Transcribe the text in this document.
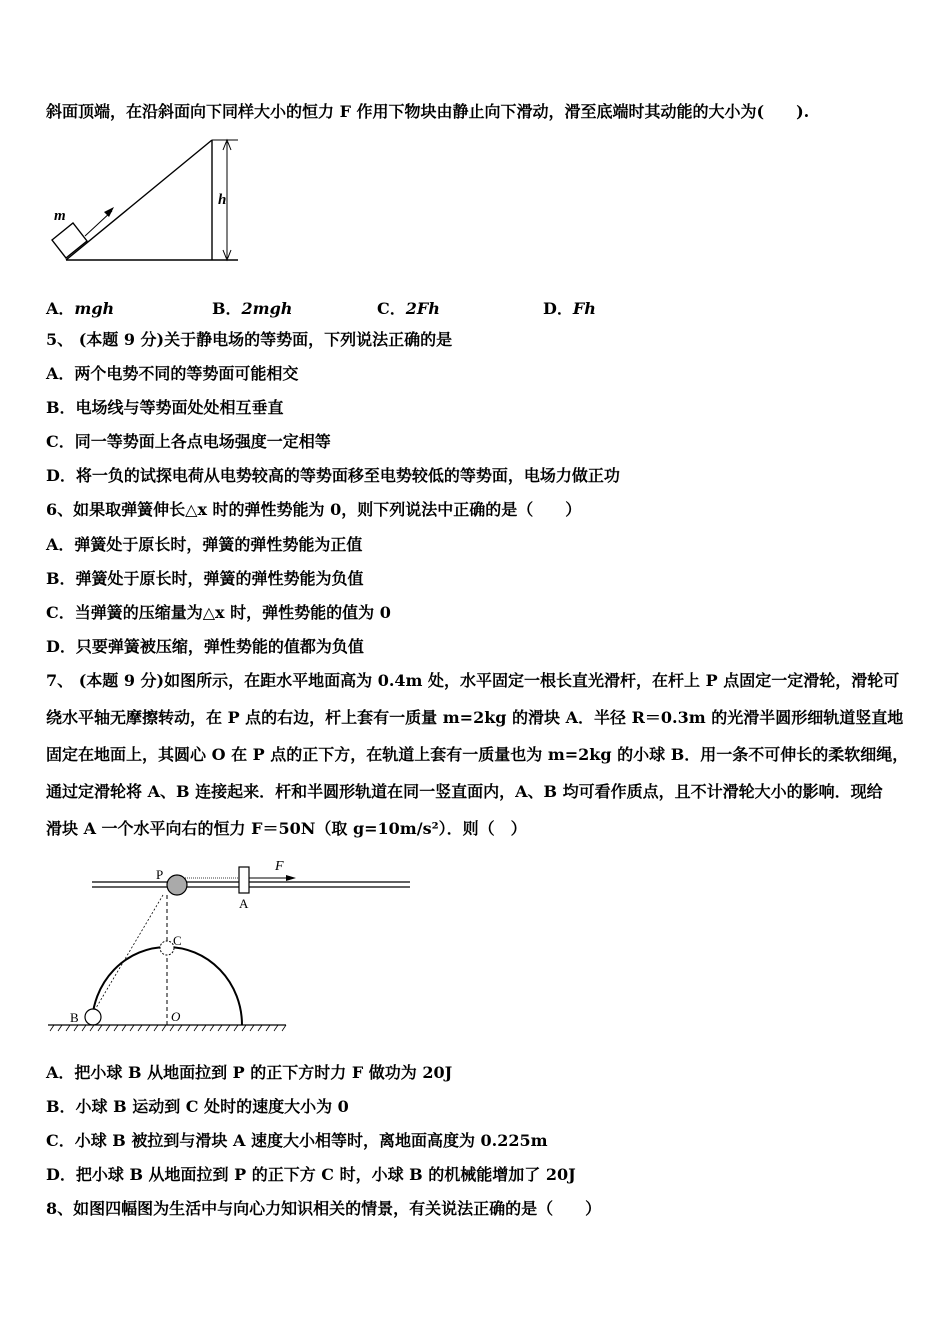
斜面顶端，在沿斜面向下同样大小的恒力 F 作用下物块由静止向下滑动，滑至底端时其动能的大小为(　　).
m
h
A．mgh	B．2mgh	C．2Fh	D．Fh
5、 (本题 9 分)关于静电场的等势面，下列说法正确的是
A．两个电势不同的等势面可能相交
B．电场线与等势面处处相互垂直
C．同一等势面上各点电场强度一定相等
D．将一负的试探电荷从电势较高的等势面移至电势较低的等势面，电场力做正功
6、如果取弹簧伸长△x 时的弹性势能为 0，则下列说法中正确的是（　　）
A．弹簧处于原长时，弹簧的弹性势能为正值
B．弹簧处于原长时，弹簧的弹性势能为负值
C．当弹簧的压缩量为△x 时，弹性势能的值为 0
D．只要弹簧被压缩，弹性势能的值都为负值
7、 (本题 9 分)如图所示，在距水平地面高为 0.4m 处，水平固定一根长直光滑杆，在杆上 P 点固定一定滑轮，滑轮可
绕水平轴无摩擦转动，在 P 点的右边，杆上套有一质量 m=2kg 的滑块 A．半径 R＝0.3m 的光滑半圆形细轨道竖直地
固定在地面上，其圆心 O 在 P 点的正下方，在轨道上套有一质量也为 m=2kg 的小球 B．用一条不可伸长的柔软细绳，
通过定滑轮将 A、B 连接起来．杆和半圆形轨道在同一竖直面内，A、B 均可看作质点，且不计滑轮大小的影响．现给
滑块 A 一个水平向右的恒力 F＝50N（取 g=10m/s²）．则（　）
P
A
F
C
B	O
A．把小球 B 从地面拉到 P 的正下方时力 F 做功为 20J
B．小球 B 运动到 C 处时的速度大小为 0
C．小球 B 被拉到与滑块 A 速度大小相等时，离地面高度为 0.225m
D．把小球 B 从地面拉到 P 的正下方 C 时，小球 B 的机械能增加了 20J
8、如图四幅图为生活中与向心力知识相关的情景，有关说法正确的是（　　）
